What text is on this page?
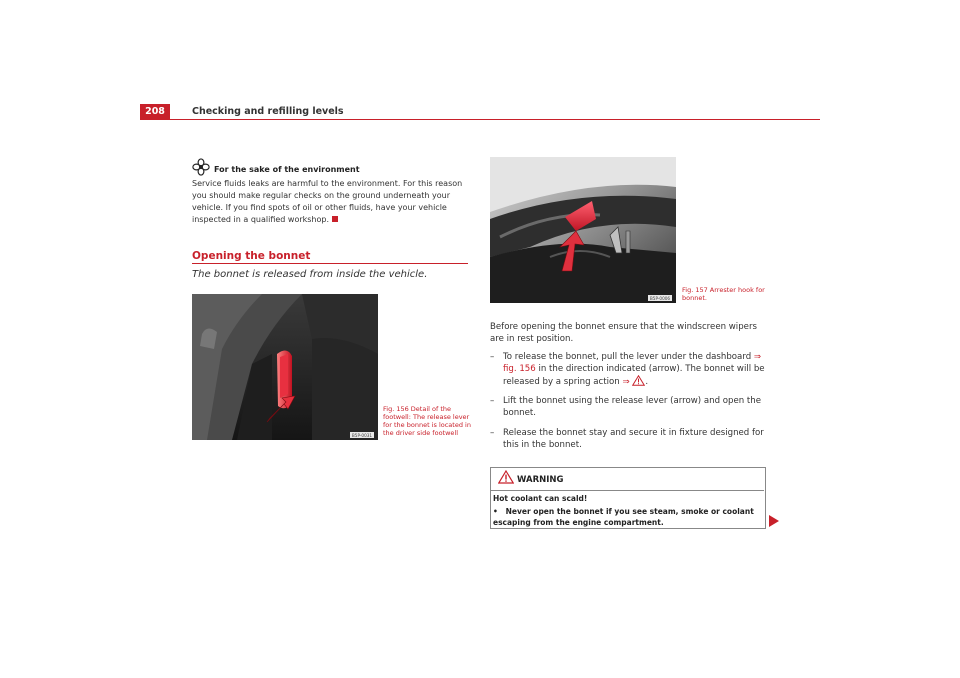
208	Checking and refilling levels
For the sake of the environment
Service fluids leaks are harmful to the environment. For this reason you should make regular checks on the ground underneath your vehicle. If you find spots of oil or other fluids, have your vehicle inspected in a qualified workshop.
Opening the bonnet
The bonnet is released from inside the vehicle.
B5P-0031
Fig. 156 Detail of the footwell: The release lever for the bonnet is located in the driver side footwell
B5P-0006
Fig. 157 Arrester hook for bonnet.
Before opening the bonnet ensure that the windscreen wipers are in rest position.
–	To release the bonnet, pull the lever under the dashboard ⇒ fig. 156 in the direction indicated (arrow). The bonnet will be released by a spring action ⇒ .
–	Lift the bonnet using the release lever (arrow) and open the bonnet.
–	Release the bonnet stay and secure it in fixture designed for this in the bonnet.
WARNING
Hot coolant can scald!
• Never open the bonnet if you see steam, smoke or coolant escaping from the engine compartment.
